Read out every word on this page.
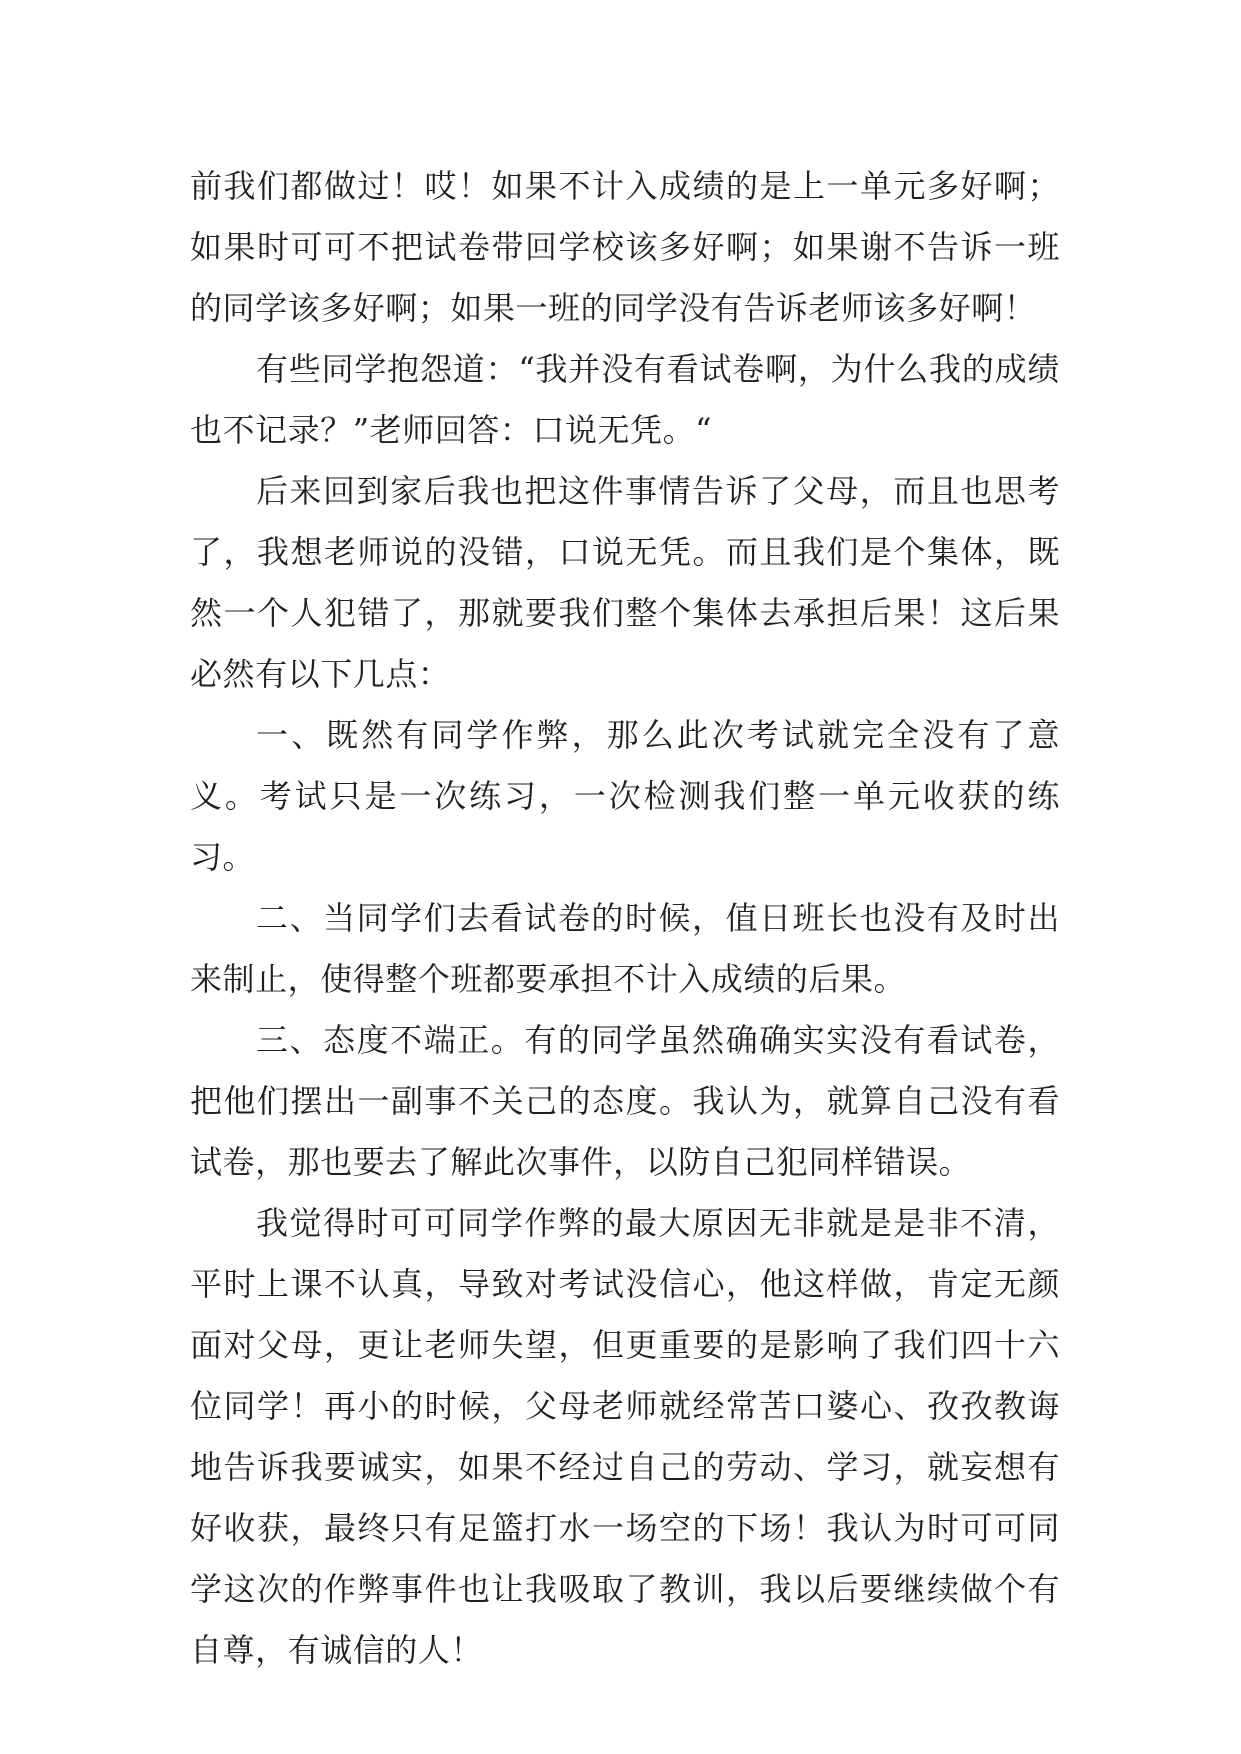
前我们都做过！哎！如果不计入成绩的是上一单元多好啊；如果时可可不把试卷带回学校该多好啊；如果谢不告诉一班的同学该多好啊；如果一班的同学没有告诉老师该多好啊！

有些同学抱怨道：“我并没有看试卷啊，为什么我的成绩也不记录？”老师回答：口说无凭。“

后来回到家后我也把这件事情告诉了父母，而且也思考了，我想老师说的没错，口说无凭。而且我们是个集体，既然一个人犯错了，那就要我们整个集体去承担后果！这后果必然有以下几点：

一、既然有同学作弊，那么此次考试就完全没有了意义。考试只是一次练习，一次检测我们整一单元收获的练习。

二、当同学们去看试卷的时候，值日班长也没有及时出来制止，使得整个班都要承担不计入成绩的后果。

三、态度不端正。有的同学虽然确确实实没有看试卷，把他们摆出一副事不关己的态度。我认为，就算自己没有看试卷，那也要去了解此次事件，以防自己犯同样错误。

我觉得时可可同学作弊的最大原因无非就是是非不清，平时上课不认真，导致对考试没信心，他这样做，肯定无颜面对父母，更让老师失望，但更重要的是影响了我们四十六位同学！再小的时候，父母老师就经常苦口婆心、孜孜教诲地告诉我要诚实，如果不经过自己的劳动、学习，就妄想有好收获，最终只有足篮打水一场空的下场！我认为时可可同学这次的作弊事件也让我吸取了教训，我以后要继续做个有自尊，有诚信的人！
